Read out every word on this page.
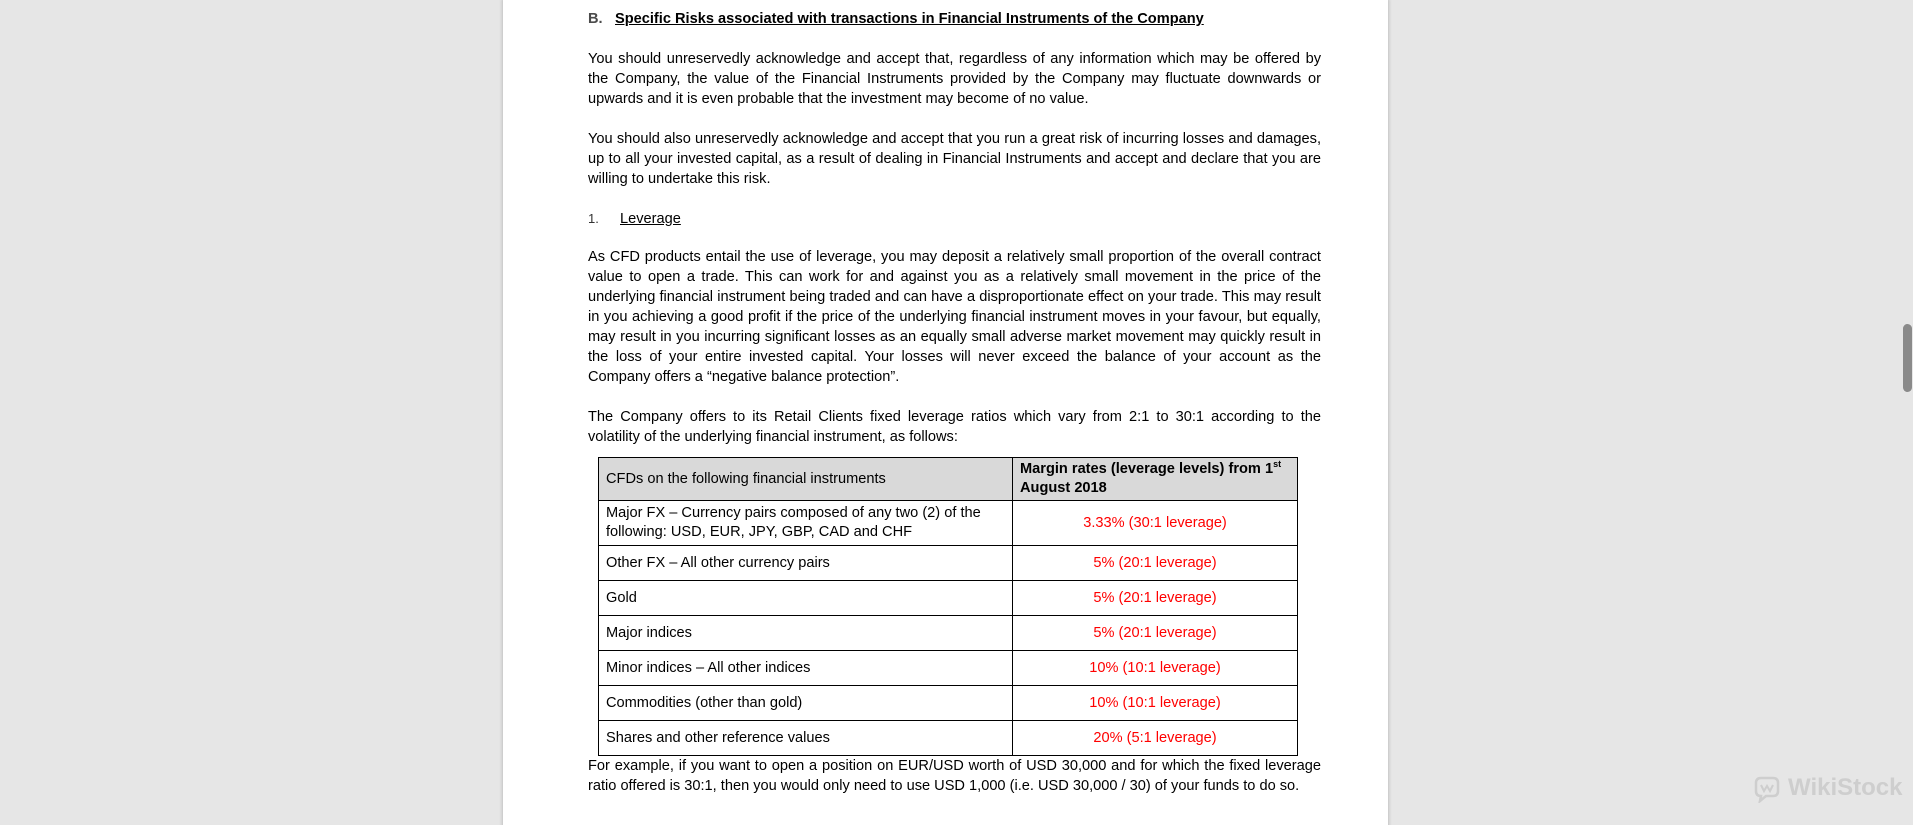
B. Specific Risks associated with transactions in Financial Instruments of the Company

You should unreservedly acknowledge and accept that, regardless of any information which may be offered by the Company, the value of the Financial Instruments provided by the Company may fluctuate downwards or upwards and it is even probable that the investment may become of no value.

You should also unreservedly acknowledge and accept that you run a great risk of incurring losses and damages, up to all your invested capital, as a result of dealing in Financial Instruments and accept and declare that you are willing to undertake this risk.

1.	Leverage

As CFD products entail the use of leverage, you may deposit a relatively small proportion of the overall contract value to open a trade. This can work for and against you as a relatively small movement in the price of the underlying financial instrument being traded and can have a disproportionate effect on your trade. This may result in you achieving a good profit if the price of the underlying financial instrument moves in your favour, but equally, may result in you incurring significant losses as an equally small adverse market movement may quickly result in the loss of your entire invested capital. Your losses will never exceed the balance of your account as the Company offers a “negative balance protection”.

The Company offers to its Retail Clients fixed leverage ratios which vary from 2:1 to 30:1 according to the volatility of the underlying financial instrument, as follows:

CFDs on the following financial instruments	Margin rates (leverage levels) from 1st
August 2018
Major FX – Currency pairs composed of any two (2) of the following: USD, EUR, JPY, GBP, CAD and CHF	3.33% (30:1 leverage)
Other FX – All other currency pairs	5% (20:1 leverage)
Gold	5% (20:1 leverage)
Major indices	5% (20:1 leverage)
Minor indices – All other indices	10% (10:1 leverage)
Commodities (other than gold)	10% (10:1 leverage)
Shares and other reference values	20% (5:1 leverage)

For example, if you want to open a position on EUR/USD worth of USD 30,000 and for which the fixed leverage ratio offered is 30:1, then you would only need to use USD 1,000 (i.e. USD 30,000 / 30) of your funds to do so.	WikiStock
